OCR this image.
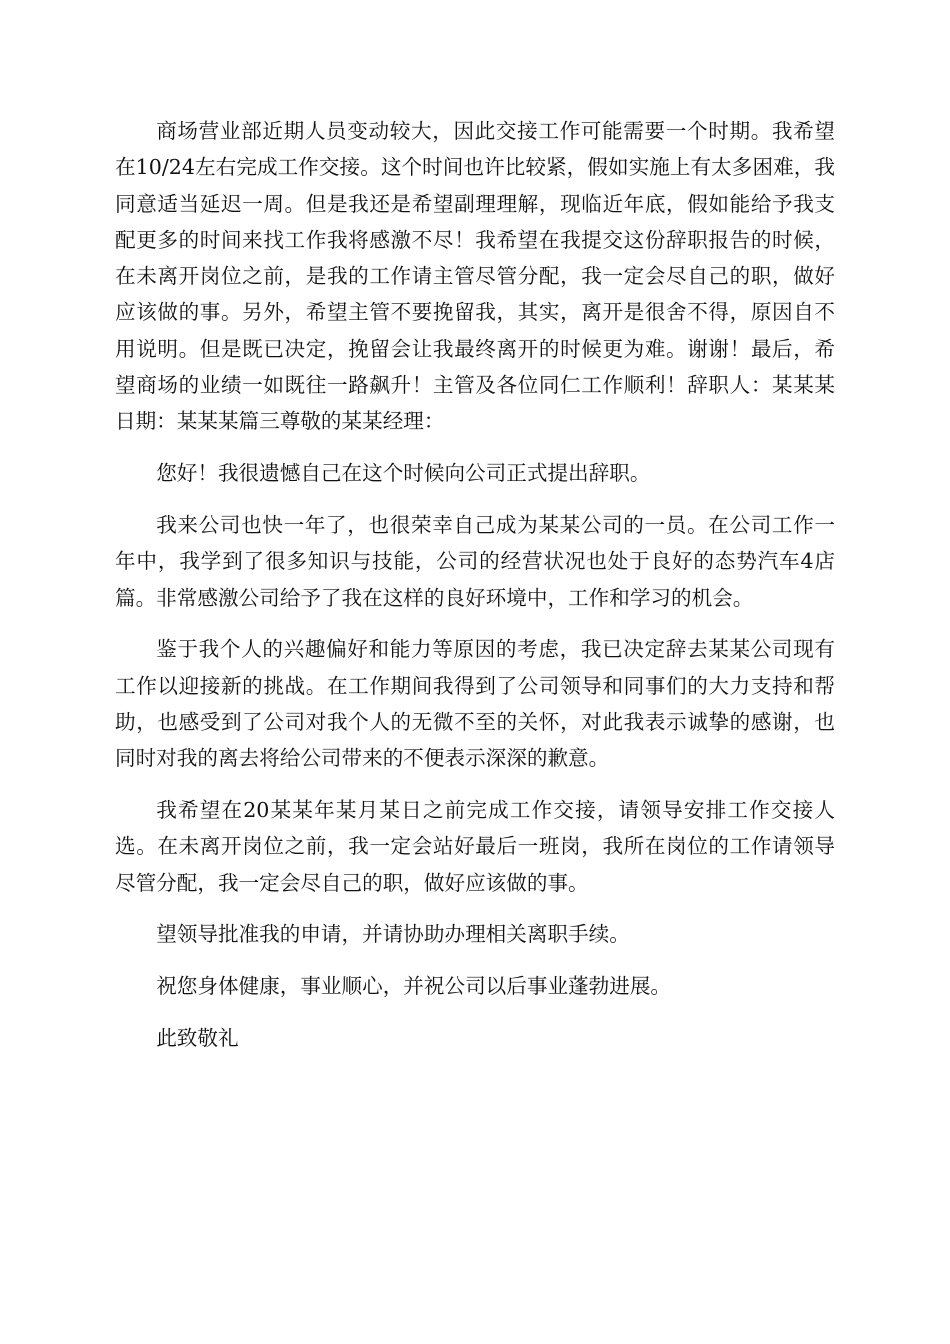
商场营业部近期人员变动较大，因此交接工作可能需要一个时期。我希望在10/24左右完成工作交接。这个时间也许比较紧，假如实施上有太多困难，我同意适当延迟一周。但是我还是希望副理理解，现临近年底，假如能给予我支配更多的时间来找工作我将感激不尽！我希望在我提交这份辞职报告的时候，在未离开岗位之前，是我的工作请主管尽管分配，我一定会尽自己的职，做好应该做的事。另外，希望主管不要挽留我，其实，离开是很舍不得，原因自不用说明。但是既已决定，挽留会让我最终离开的时候更为难。谢谢！最后，希望商场的业绩一如既往一路飙升！主管及各位同仁工作顺利！辞职人：某某某日期：某某某篇三尊敬的某某经理：

您好！我很遗憾自己在这个时候向公司正式提出辞职。

我来公司也快一年了，也很荣幸自己成为某某公司的一员。在公司工作一年中，我学到了很多知识与技能，公司的经营状况也处于良好的态势汽车4店篇。非常感激公司给予了我在这样的良好环境中，工作和学习的机会。

鉴于我个人的兴趣偏好和能力等原因的考虑，我已决定辞去某某公司现有工作以迎接新的挑战。在工作期间我得到了公司领导和同事们的大力支持和帮助，也感受到了公司对我个人的无微不至的关怀，对此我表示诚挚的感谢，也同时对我的离去将给公司带来的不便表示深深的歉意。

我希望在20某某年某月某日之前完成工作交接，请领导安排工作交接人选。在未离开岗位之前，我一定会站好最后一班岗，我所在岗位的工作请领导尽管分配，我一定会尽自己的职，做好应该做的事。

望领导批准我的申请，并请协助办理相关离职手续。

祝您身体健康，事业顺心，并祝公司以后事业蓬勃进展。

此致敬礼
